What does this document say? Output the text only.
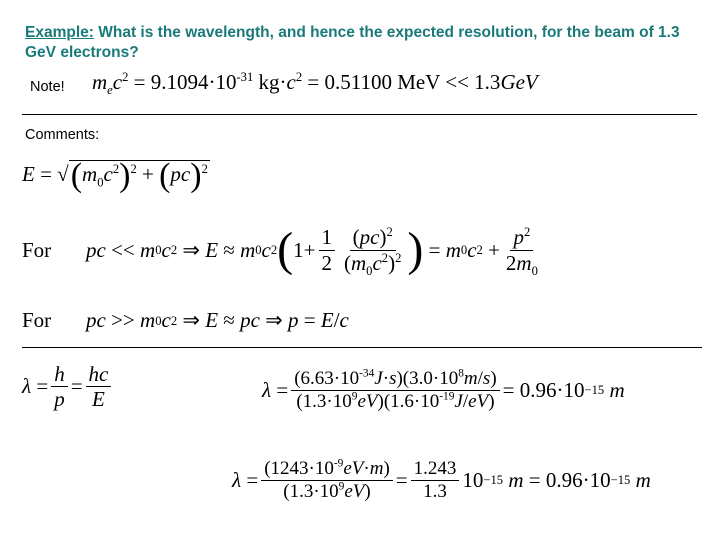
Example: What is the wavelength, and hence the expected resolution, for the beam of 1.3 GeV electrons?
Note! $m_ec^2 = 9.1094\cdot 10^{-31}$ $kg\cdot c^2 = 0.51100$ MeV << 1.3GeV
Comments:
$E = √(m_0c^2)^2 + (pc)^2$
For	pc << m 0 c 2 ⇒ E ≈ m 0 c 2 ( $1+ \frac{1}{2} \frac{(pc)^2}{(m_0c^2)^2}$ ) = m 0 c $2 + \frac{p^2}{2m_0}$
For	pc >> m 0 c 2 ⇒ E ≈ pc ⇒ p = E / c
$\lambda = \frac{h}{p} = \frac{hc}{E}$	$\lambda = \frac{(6.63\cdot 10^{-34}J\cdot s)(3.0\cdot 10^8m/s)}{(1.3\cdot 10^9eV)(1.6\cdot 10^{-19}J/eV)} = 0.96\cdot 10 -15$
m
$\lambda = \frac{(1243\cdot 10^{-9}eV\cdot m)}{(1.3\cdot 10^9eV)} = \frac{1.243}{1.3} 10 -15$
m = 0.96·10 −15
m
